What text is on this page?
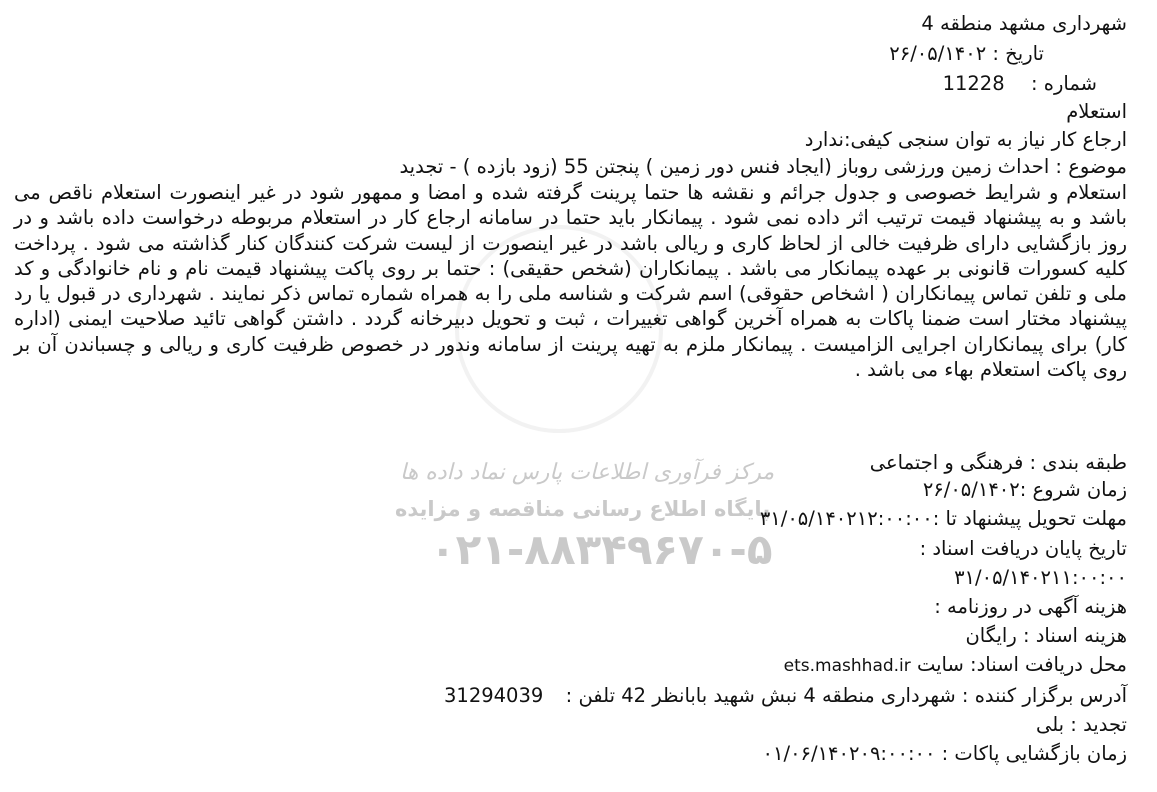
مرکز فرآوری اطلاعات پارس نماد داده ها
پایگاه اطلاع رسانی مناقصه و مزایده
۰۲۱-۸۸۳۴۹۶۷۰-۵
شهرداری مشهد منطقه 4
تاریخ : ۲۶/۰۵/۱۴۰۲
شماره :  11228
استعلام
ارجاع کار نیاز به توان سنجی کیفی:ندارد
موضوع : احداث زمین ورزشی روباز (ایجاد فنس دور زمین ) پنجتن 55 (زود بازده ) - تجدید
استعلام و شرایط خصوصی و جدول جرائم و نقشه ها حتما پرینت گرفته شده و امضا و ممهور شود در غیر اینصورت استعلام ناقص می باشد و به پیشنهاد قیمت ترتیب اثر داده نمی شود . پیمانکار باید حتما در سامانه ارجاع کار در استعلام مربوطه درخواست داده باشد و در روز بازگشایی دارای ظرفیت خالی از لحاظ کاری و ریالی باشد در غیر اینصورت از لیست شرکت کنندگان کنار گذاشته می شود . پرداخت کلیه کسورات قانونی بر عهده پیمانکار می باشد . پیمانکاران (شخص حقیقی) : حتما بر روی پاکت پیشنهاد قیمت نام و نام خانوادگی و کد ملی و تلفن تماس پیمانکاران ( اشخاص حقوقی) اسم شرکت و شناسه ملی را به همراه شماره تماس ذکر نمایند . شهرداری در قبول یا رد پیشنهاد مختار است ضمنا پاکات به همراه آخرین گواهی تغییرات ، ثبت و تحویل دبیرخانه گردد . داشتن گواهی تائید صلاحیت ایمنی (اداره کار) برای پیمانکاران اجرایی الزامیست . پیمانکار ملزم به تهیه پرینت از سامانه وندور در خصوص ظرفیت کاری و ریالی و چسباندن آن بر روی پاکت استعلام بهاء می باشد .
طبقه بندی : فرهنگی و اجتماعی
زمان شروع :۲۶/۰۵/۱۴۰۲
مهلت تحویل پیشنهاد تا :۳۱/۰۵/۱۴۰۲۱۲:۰۰:۰۰
تاریخ پایان دریافت اسناد :
۳۱/۰۵/۱۴۰۲۱۱:۰۰:۰۰
هزینه آگهی در روزنامه :
هزینه اسناد : رایگان
محل دریافت اسناد: سایت ets.mashhad.ir
آدرس برگزار کننده : شهرداری منطقه 4 نبش شهید بابانظر 42 تلفن :  31294039
تجدید : بلی
زمان بازگشایی پاکات : ۰۱/۰۶/۱۴۰۲۰۹:۰۰:۰۰
